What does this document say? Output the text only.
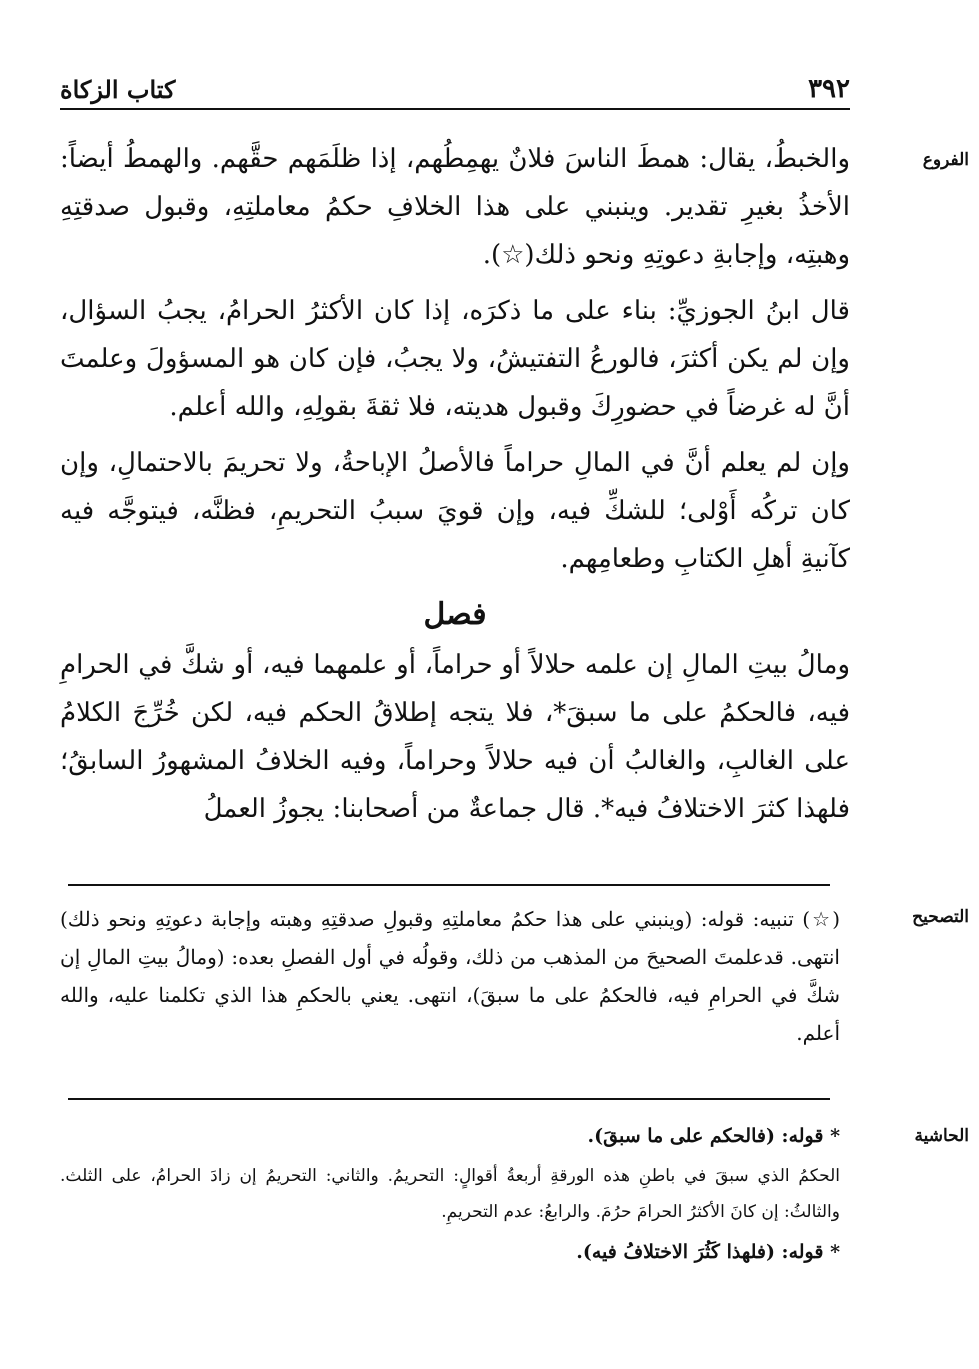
كتاب الزكاة	٣٩٢
الفروع

والخبطُ، يقال: همطَ الناسَ فلانٌ يهمِطُهم، إذا ظلَمَهم حقَّهم. والهمطُ أيضاً: الأخذُ بغيرِ تقدير. وينبني على هذا الخلافِ حكمُ معاملتِهِ، وقبول صدقتِهِ وهبتِه، وإجابةِ دعوتِهِ ونحو ذلك(☆).

قال ابنُ الجوزيِّ: بناء على ما ذكرَه، إذا كان الأكثرُ الحرامُ، يجبُ السؤال، وإن لم يكن أكثرَ، فالورعُ التفتيشُ، ولا يجبُ، فإن كان هو المسؤولَ وعلمتَ أنَّ له غرضاً في حضورِكَ وقبول هديته، فلا ثقةَ بقولِهِ، والله أعلم.

وإن لم يعلم أنَّ في المالِ حراماً فالأصلُ الإباحةُ، ولا تحريمَ بالاحتمالِ، وإن كان تركُه أَوْلى؛ للشكِّ فيه، وإن قويَ سببُ التحريمِ، فظنَّه، فيتوجَّه فيه كآنيةِ أهلِ الكتابِ وطعامِهم.

فصل

ومالُ بيتِ المالِ إن علمه حلالاً أو حراماً، أو علمهما فيه، أو شكَّ في الحرامِ فيه، فالحكمُ على ما سبقَ*، فلا يتجه إطلاقُ الحكم فيه، لكن خُرِّجَ الكلامُ على الغالبِ، والغالبُ أن فيه حلالاً وحراماً، وفيه الخلافُ المشهورُ السابقُ؛ فلهذا كثرَ الاختلافُ فيه*. قال جماعةٌ من أصحابنا: يجوزُ العملُ

التصحيح
(☆) تنبيه: قوله: (وينبني على هذا حكمُ معاملتِهِ وقبولِ صدقتِهِ وهبته وإجابة دعوتِهِ ونحو ذلك) انتهى. قدعلمتَ الصحيحَ من المذهب من ذلك، وقولُه في أول الفصلِ بعده: (ومالُ بيتِ المالِ إن شكَّ في الحرامِ فيه، فالحكمُ على ما سبقَ)، انتهى. يعني بالحكمِ هذا الذي تكلمنا عليه، والله أعلم.
الحاشية

* قوله: (فالحكم على ما سبقَ).

الحكمُ الذي سبقَ في باطنِ هذه الورقةِ أربعةُ أقوالٍ: التحريمُ. والثاني: التحريمُ إن زادَ الحرامُ، على الثلث. والثالثُ: إن كانَ الأكثرُ الحرامَ حرُمَ. والرابعُ: عدم التحريمِ.

* قوله: (فلهذا كَثُرَ الاختلافُ فيه).
